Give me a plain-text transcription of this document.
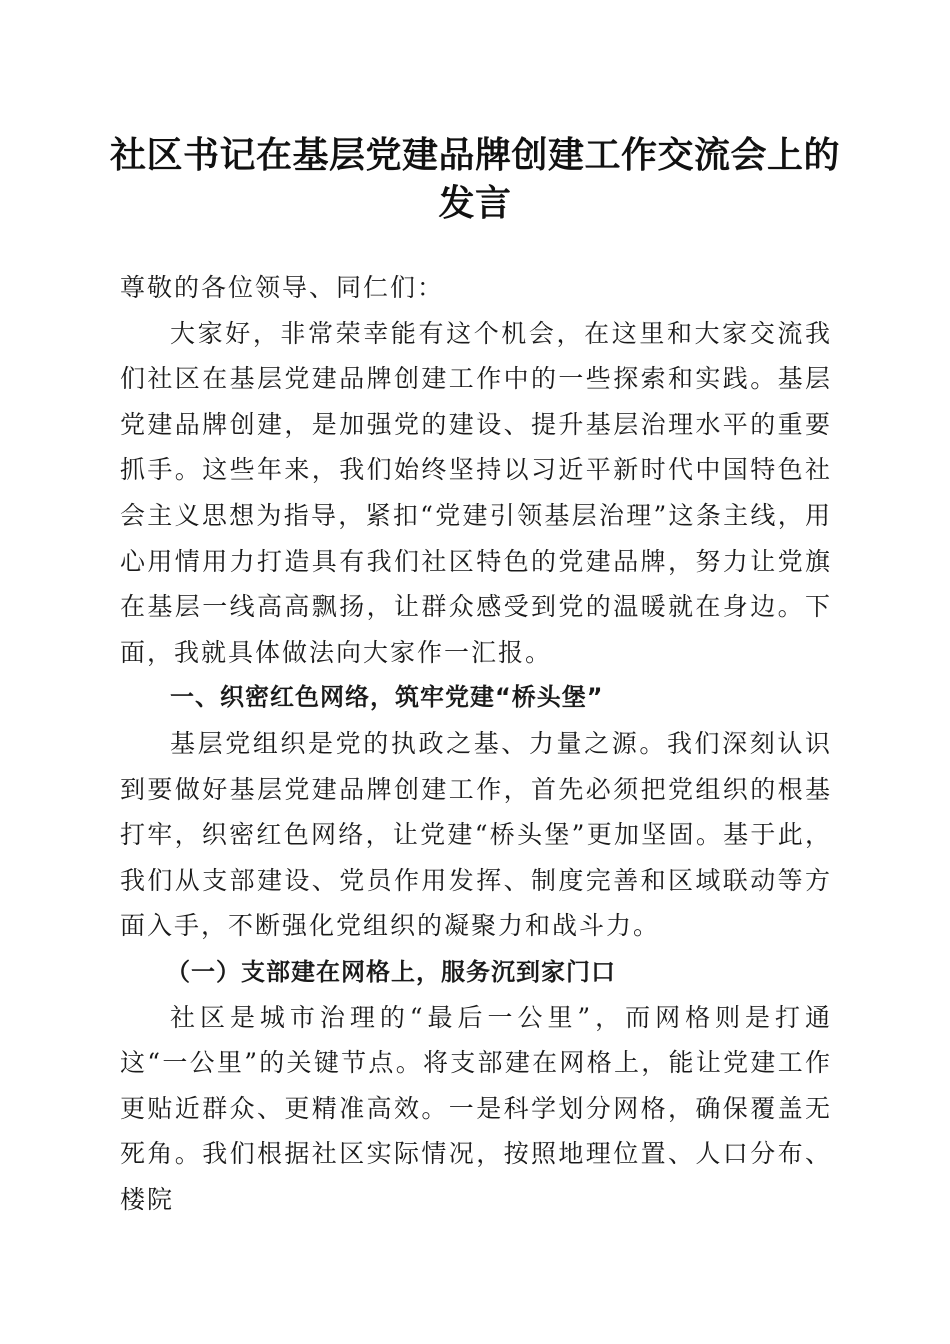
社区书记在基层党建品牌创建工作交流会上的发言

尊敬的各位领导、同仁们：

大家好，非常荣幸能有这个机会，在这里和大家交流我们社区在基层党建品牌创建工作中的一些探索和实践。基层党建品牌创建，是加强党的建设、提升基层治理水平的重要抓手。这些年来，我们始终坚持以习近平新时代中国特色社会主义思想为指导，紧扣“党建引领基层治理”这条主线，用心用情用力打造具有我们社区特色的党建品牌，努力让党旗在基层一线高高飘扬，让群众感受到党的温暖就在身边。下面，我就具体做法向大家作一汇报。

一、织密红色网络，筑牢党建“桥头堡”

基层党组织是党的执政之基、力量之源。我们深刻认识到要做好基层党建品牌创建工作，首先必须把党组织的根基打牢，织密红色网络，让党建“桥头堡”更加坚固。基于此，我们从支部建设、党员作用发挥、制度完善和区域联动等方面入手，不断强化党组织的凝聚力和战斗力。

（一）支部建在网格上，服务沉到家门口

社区是城市治理的“最后一公里”，而网格则是打通这“一公里”的关键节点。将支部建在网格上，能让党建工作更贴近群众、更精准高效。一是科学划分网格，确保覆盖无死角。我们根据社区实际情况，按照地理位置、人口分布、楼院
